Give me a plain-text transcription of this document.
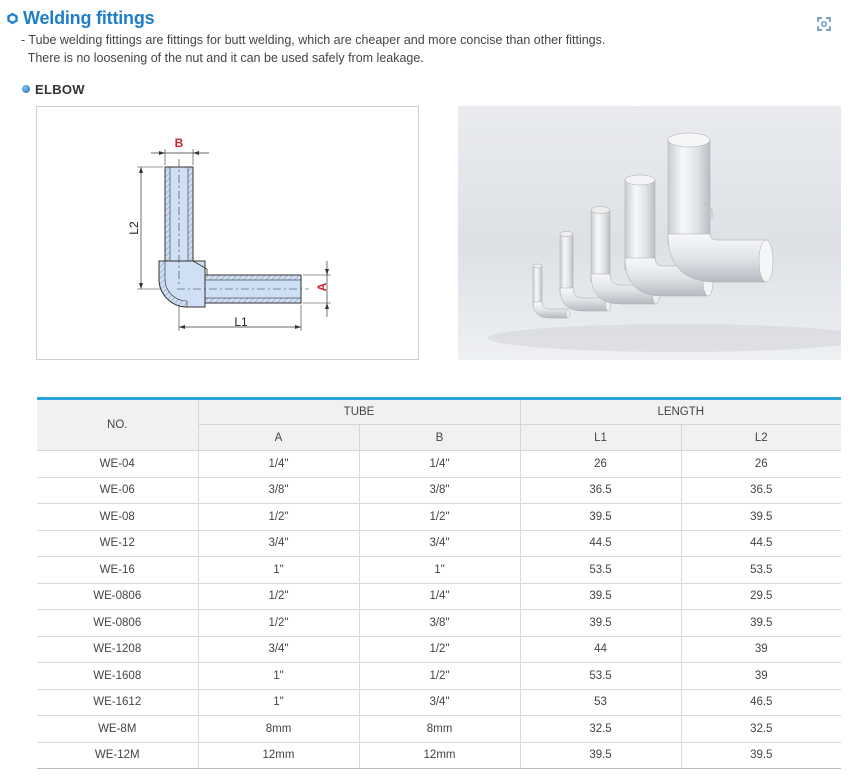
Welding fittings

- Tube welding fittings are fittings for butt welding, which are cheaper and more concise than other fittings.

There is no loosening of the nut and it can be used safely from leakage.

ELBOW
B
L2
L1
A
NO.	TUBE		LENGTH	
	A	B	L1	L2
WE-04	1/4"	1/4"	26	26
WE-06	3/8"	3/8"	36.5	36.5
WE-08	1/2"	1/2"	39.5	39.5
WE-12	3/4"	3/4"	44.5	44.5
WE-16	1"	1"	53.5	53.5
WE-0806	1/2"	1/4"	39.5	29.5
WE-0806	1/2"	3/8"	39.5	39.5
WE-1208	3/4"	1/2"	44	39
WE-1608	1"	1/2"	53.5	39
WE-1612	1"	3/4"	53	46.5
WE-8M	8mm	8mm	32.5	32.5
WE-12M	12mm	12mm	39.5	39.5
